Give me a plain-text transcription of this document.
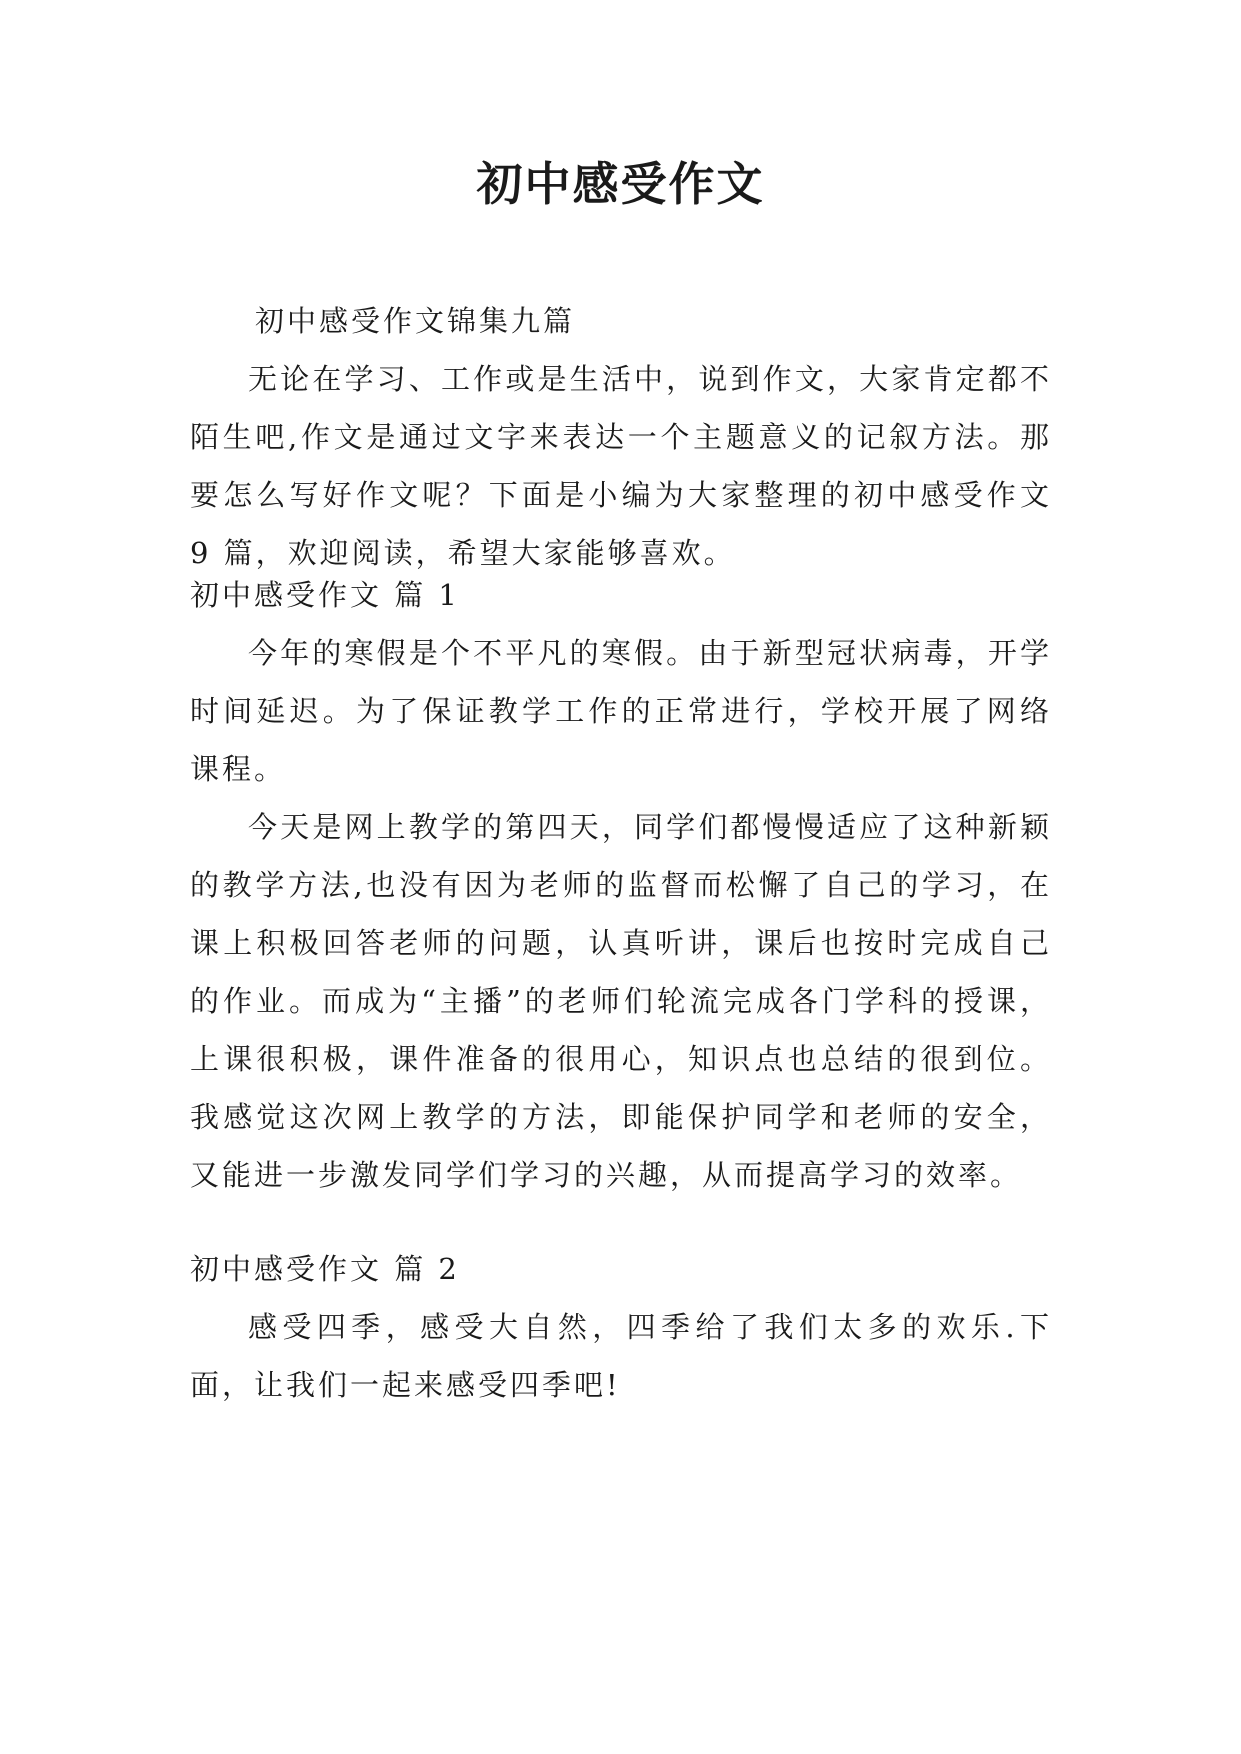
初中感受作文
初中感受作文锦集九篇

无论在学习、工作或是生活中，说到作文，大家肯定都不陌生吧,作文是通过文字来表达一个主题意义的记叙方法。那要怎么写好作文呢？下面是小编为大家整理的初中感受作文 9 篇，欢迎阅读，希望大家能够喜欢。

初中感受作文 篇 1

今年的寒假是个不平凡的寒假。由于新型冠状病毒，开学时间延迟。为了保证教学工作的正常进行，学校开展了网络课程。

今天是网上教学的第四天，同学们都慢慢适应了这种新颖的教学方法,也没有因为老师的监督而松懈了自己的学习，在课上积极回答老师的问题，认真听讲，课后也按时完成自己的作业。而成为“主播”的老师们轮流完成各门学科的授课，上课很积极，课件准备的很用心，知识点也总结的很到位。我感觉这次网上教学的方法，即能保护同学和老师的安全，又能进一步激发同学们学习的兴趣，从而提高学习的效率。

初中感受作文 篇 2

感受四季，感受大自然，四季给了我们太多的欢乐.下面，让我们一起来感受四季吧!
